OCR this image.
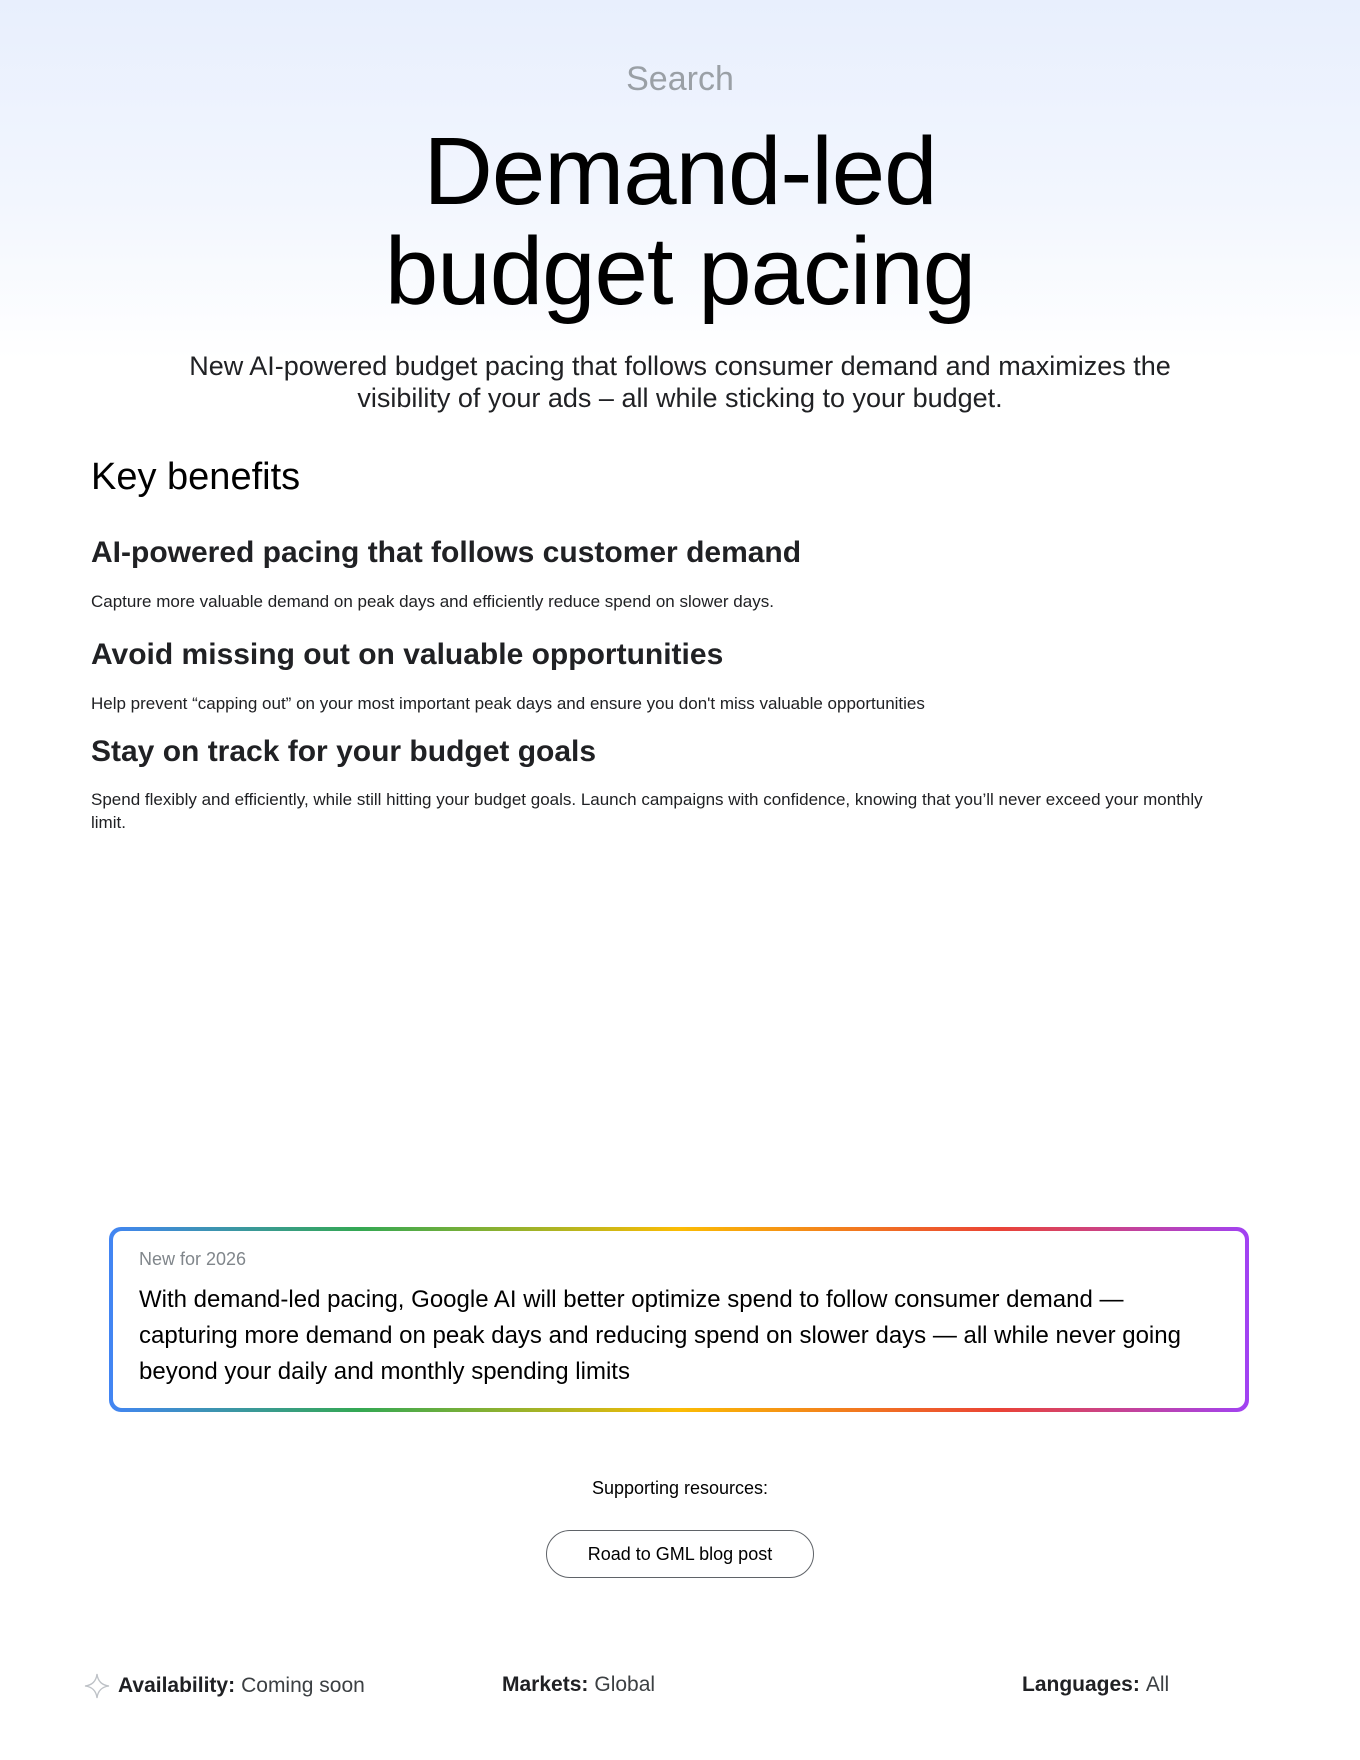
Search
Demand-led
budget pacing

New AI-powered budget pacing that follows consumer demand and maximizes the visibility of your ads – all while sticking to your budget.

Key benefits
AI-powered pacing that follows customer demand

Capture more valuable demand on peak days and efficiently reduce spend on slower days.

Avoid missing out on valuable opportunities

Help prevent “capping out” on your most important peak days and ensure you don't miss valuable opportunities

Stay on track for your budget goals

Spend flexibly and efficiently, while still hitting your budget goals. Launch campaigns with confidence, knowing that you’ll never exceed your monthly limit.

New for 2026
With demand-led pacing, Google AI will better optimize spend to follow consumer demand — capturing more demand on peak days and reducing spend on slower days — all while never going beyond your daily and monthly spending limits
Supporting resources:
Road to GML blog post
Availability: Coming soon	Markets: Global	Languages: All
